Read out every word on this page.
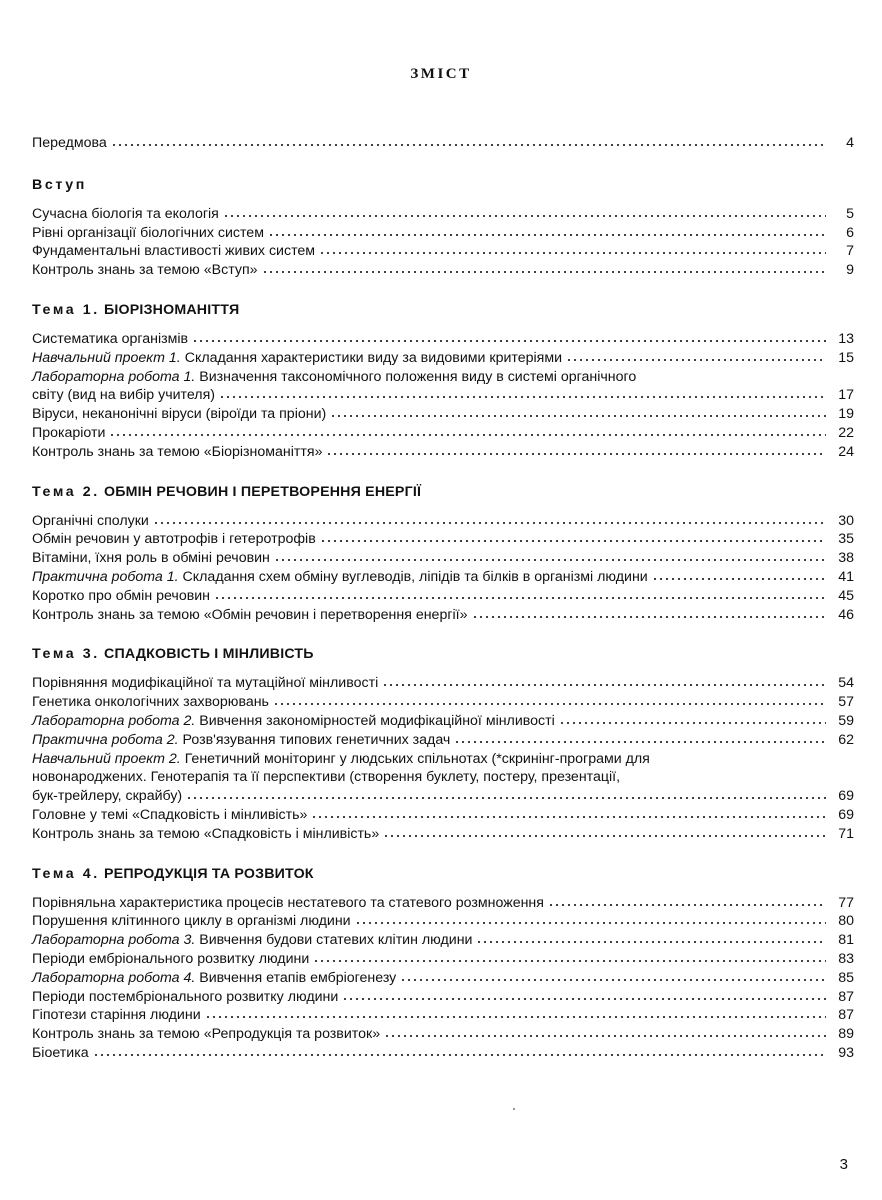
ЗМІСТ
Передмова	4
Вступ
Сучасна біологія та екологія	5
Рівні організації біологічних систем	6
Фундаментальні властивості живих систем	7
Контроль знань за темою «Вступ»	9
Тема 1. БІОРІЗНОМАНІТТЯ
Систематика організмів	13
Навчальний проект 1. Складання характеристики виду за видовими критеріями	15
Лабораторна робота 1. Визначення таксономічного положення виду в системі органічного
світу (вид на вибір учителя)	17
Віруси, неканонічні віруси (віроїди та пріони)	19
Прокаріоти	22
Контроль знань за темою «Біорізноманіття»	24
Тема 2. ОБМІН РЕЧОВИН І ПЕРЕТВОРЕННЯ ЕНЕРГІЇ
Органічні сполуки	30
Обмін речовин у автотрофів і гетеротрофів	35
Вітаміни, їхня роль в обміні речовин	38
Практична робота 1. Складання схем обміну вуглеводів, ліпідів та білків в організмі людини	41
Коротко про обмін речовин	45
Контроль знань за темою «Обмін речовин і перетворення енергії»	46
Тема 3. СПАДКОВІСТЬ І МІНЛИВІСТЬ
Порівняння модифікаційної та мутаційної мінливості	54
Генетика онкологічних захворювань	57
Лабораторна робота 2. Вивчення закономірностей модифікаційної мінливості	59
Практична робота 2. Розв'язування типових генетичних задач	62
Навчальний проект 2. Генетичний моніторинг у людських спільнотах (*скринінг-програми для
новонароджених. Генотерапія та її перспективи (створення буклету, постеру, презентації,
бук-трейлеру, скрайбу)	69
Головне у темі «Спадковість і мінливість»	69
Контроль знань за темою «Спадковість і мінливість»	71
Тема 4. РЕПРОДУКЦІЯ ТА РОЗВИТОК
Порівняльна характеристика процесів нестатевого та статевого розмноження	77
Порушення клітинного циклу в організмі людини	80
Лабораторна робота 3. Вивчення будови статевих клітин людини	81
Періоди ембріонального розвитку людини	83
Лабораторна робота 4. Вивчення етапів ембріогенезу	85
Періоди постембріонального розвитку людини	87
Гіпотези старіння людини	87
Контроль знань за темою «Репродукція та розвиток»	89
Біоетика	93
3
